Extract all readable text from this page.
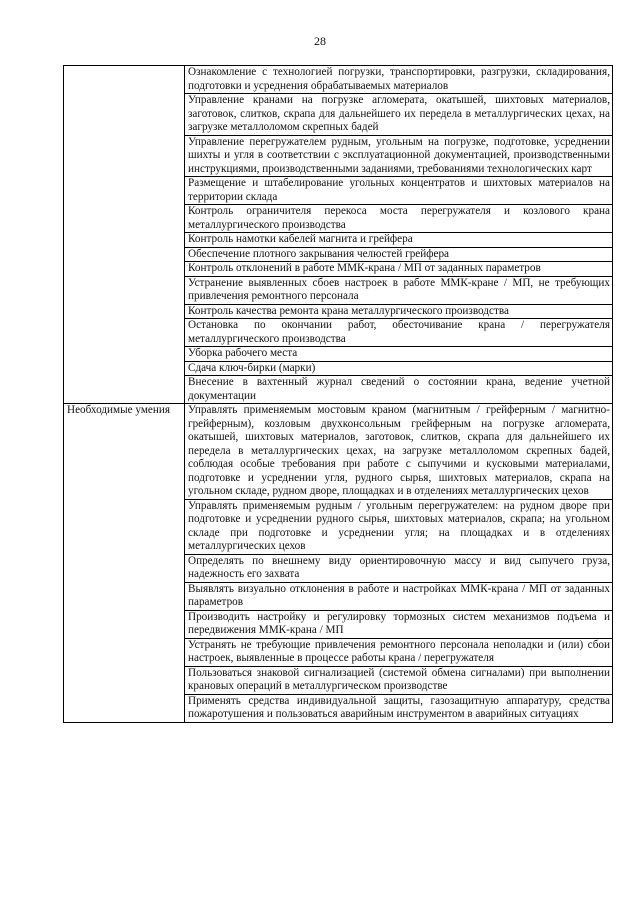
28
	Ознакомление с технологией погрузки, транспортировки, разгрузки, складирования, подготовки и усреднения обрабатываемых материалов
	Управление кранами на погрузке агломерата, окатышей, шихтовых материалов, заготовок, слитков, скрапа для дальнейшего их передела в металлургических цехах, на загрузке металлоломом скрепных бадей
	Управление перегружателем рудным, угольным на погрузке, подготовке, усреднении шихты и угля в соответствии с эксплуатационной документацией, производственными инструкциями, производственными заданиями, требованиями технологических карт
	Размещение и штабелирование угольных концентратов и шихтовых материалов на территории склада
	Контроль ограничителя перекоса моста перегружателя и козлового крана металлургического производства
	Контроль намотки кабелей магнита и грейфера
	Обеспечение плотного закрывания челюстей грейфера
	Контроль отклонений в работе ММК-крана / МП от заданных параметров
	Устранение выявленных сбоев настроек в работе ММК-кране / МП, не требующих привлечения ремонтного персонала
	Контроль качества ремонта крана металлургического производства
	Остановка по окончании работ, обесточивание крана / перегружателя металлургического производства
	Уборка рабочего места
	Сдача ключ-бирки (марки)
	Внесение в вахтенный журнал сведений о состоянии крана, ведение учетной документации
Необходимые умения	Управлять применяемым мостовым краном (магнитным / грейферным / магнитно-грейферным), козловым двухконсольным грейферным на погрузке агломерата, окатышей, шихтовых материалов, заготовок, слитков, скрапа для дальнейшего их передела в металлургических цехах, на загрузке металлоломом скрепных бадей, соблюдая особые требования при работе с сыпучими и кусковыми материалами, подготовке и усреднении угля, рудного сырья, шихтовых материалов, скрапа на угольном складе, рудном дворе, площадках и в отделениях металлургических цехов
	Управлять применяемым рудным / угольным перегружателем: на рудном дворе при подготовке и усреднении рудного сырья, шихтовых материалов, скрапа; на угольном складе при подготовке и усреднении угля; на площадках и в отделениях металлургических цехов
	Определять по внешнему виду ориентировочную массу и вид сыпучего груза, надежность его захвата
	Выявлять визуально отклонения в работе и настройках ММК-крана / МП от заданных параметров
	Производить настройку и регулировку тормозных систем механизмов подъема и передвижения ММК-крана / МП
	Устранять не требующие привлечения ремонтного персонала неполадки и (или) сбои настроек, выявленные в процессе работы крана / перегружателя
	Пользоваться знаковой сигнализацией (системой обмена сигналами) при выполнении крановых операций в металлургическом производстве
	Применять средства индивидуальной защиты, газозащитную аппаратуру, средства пожаротушения и пользоваться аварийным инструментом в аварийных ситуациях
